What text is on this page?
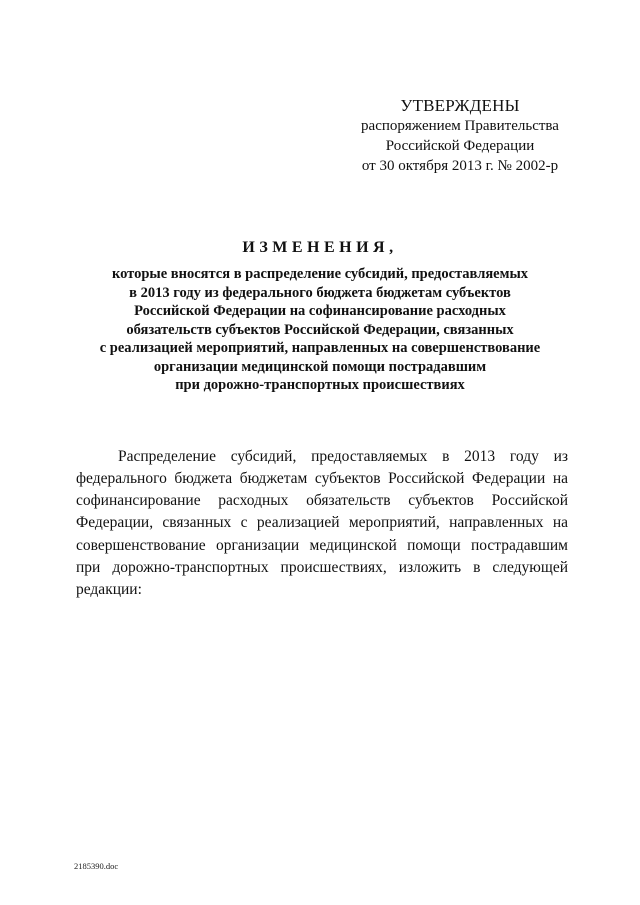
УТВЕРЖДЕНЫ
распоряжением Правительства
Российской Федерации
от 30 октября 2013 г. № 2002-р
ИЗМЕНЕНИЯ,
которые вносятся в распределение субсидий, предоставляемых
в 2013 году из федерального бюджета бюджетам субъектов
Российской Федерации на софинансирование расходных
обязательств субъектов Российской Федерации, связанных
с реализацией мероприятий, направленных на совершенствование
организации медицинской помощи пострадавшим
при дорожно-транспортных происшествиях

Распределение субсидий, предоставляемых в 2013 году из федерального бюджета бюджетам субъектов Российской Федерации на софинансирование расходных обязательств субъектов Российской Федерации, связанных с реализацией мероприятий, направленных на совершенствование организации медицинской помощи пострадавшим при дорожно-транспортных происшествиях, изложить в следующей редакции:

2185390.doc
